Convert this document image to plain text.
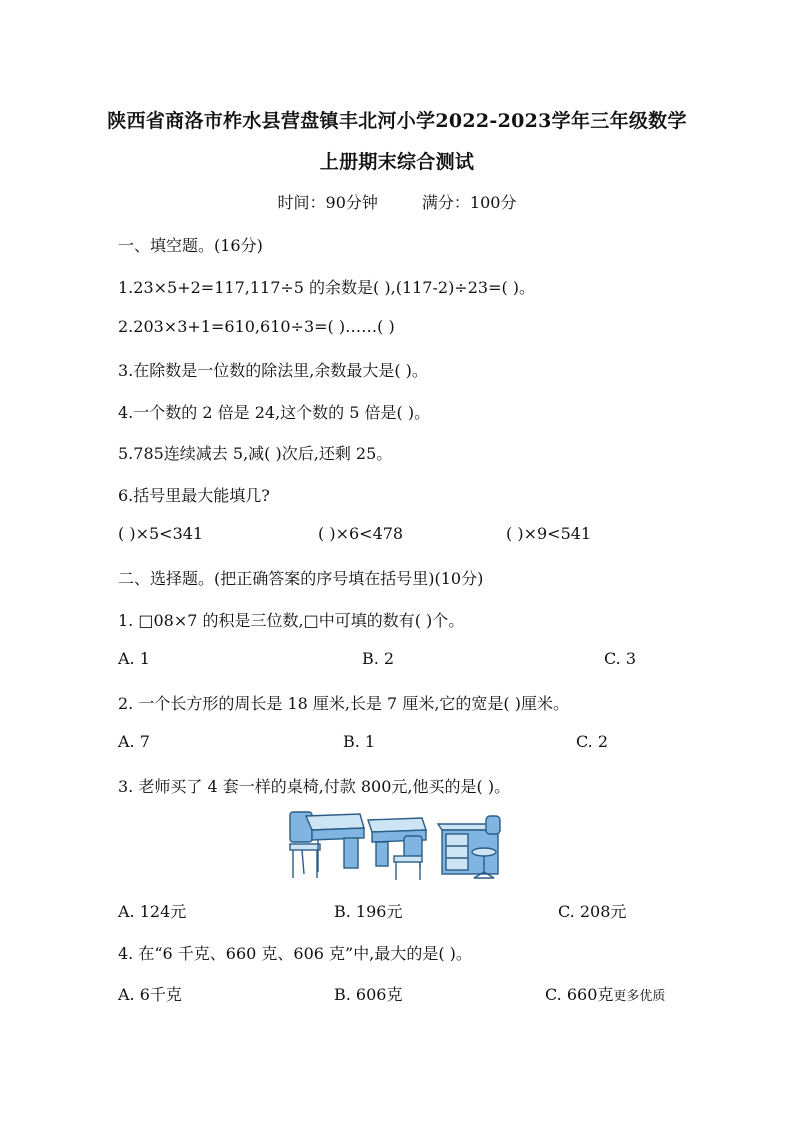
陕西省商洛市柞水县营盘镇丰北河小学2022-2023学年三年级数学
上册期末综合测试
时间：90分钟	满分：100分
一、填空题。(16分)
1.23×5+2=117,117÷5 的余数是( ),(117-2)÷23=( )。
2.203×3+1=610,610÷3=( )……( )
3.在除数是一位数的除法里,余数最大是( )。
4.一个数的 2 倍是 24,这个数的 5 倍是( )。
5.785连续减去 5,减( )次后,还剩 25。
6.括号里最大能填几?
( )×5<341	( )×6<478	( )×9<541
二、选择题。(把正确答案的序号填在括号里)(10分)
1. □08×7 的积是三位数,□中可填的数有( )个。
A. 1	B. 2	C. 3
2. 一个长方形的周长是 18 厘米,长是 7 厘米,它的宽是( )厘米。
A. 7	B. 1	C. 2
3. 老师买了 4 套一样的桌椅,付款 800元,他买的是( )。
A. 124元	B. 196元	C. 208元
4. 在“6 千克、660 克、606 克”中,最大的是( )。
A. 6千克	B. 606克	C. 660克更多优质
